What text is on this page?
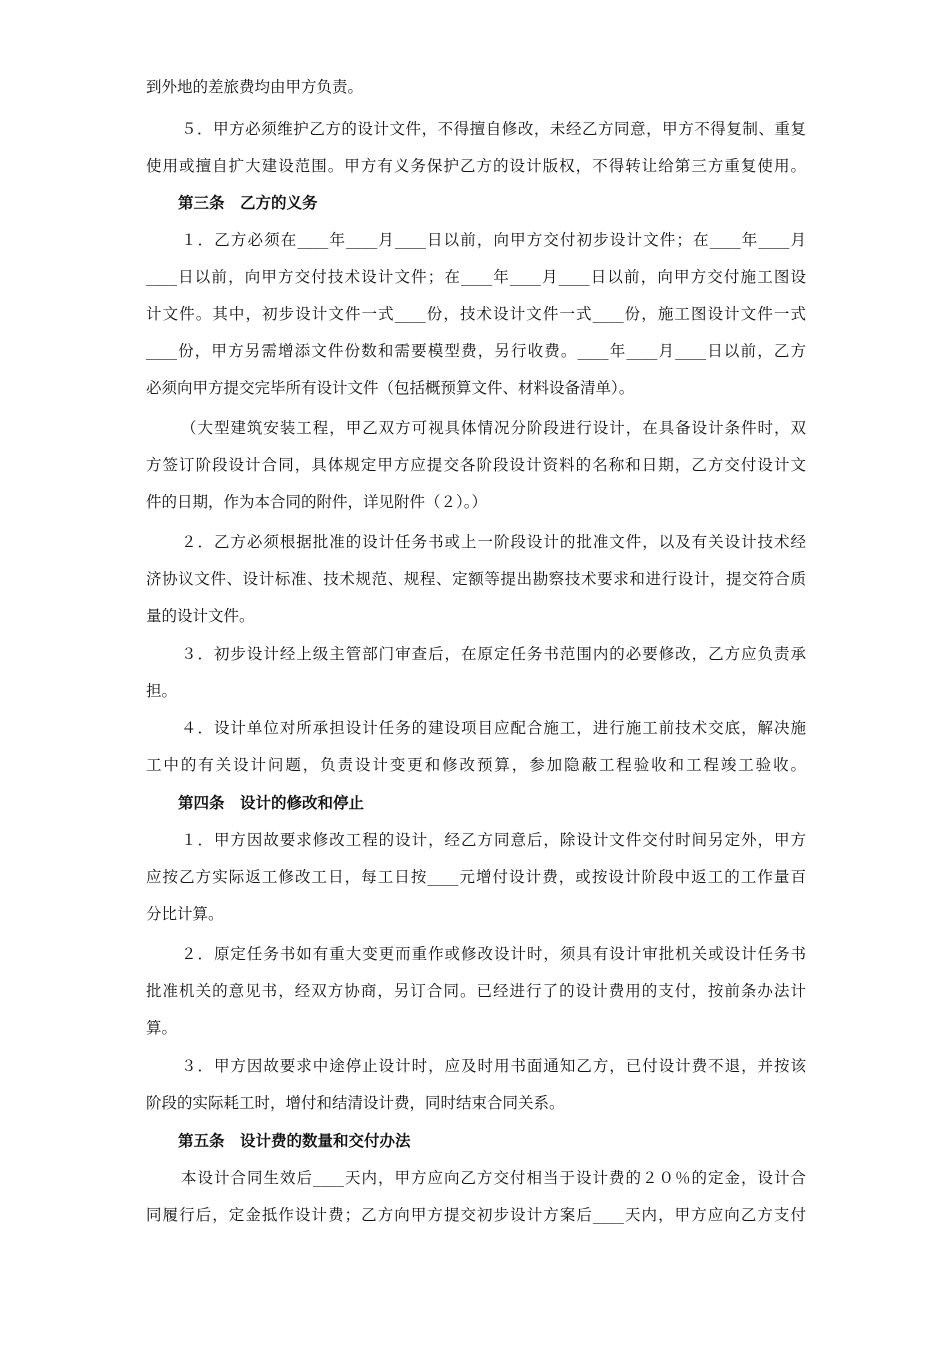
到外地的差旅费均由甲方负责。
５．甲方必须维护乙方的设计文件，不得擅自修改，未经乙方同意，甲方不得复制、重复
使用或擅自扩大建设范围。甲方有义务保护乙方的设计版权，不得转让给第三方重复使用。
第三条　乙方的义务
１．乙方必须在____年____月____日以前，向甲方交付初步设计文件；在____年____月
____日以前，向甲方交付技术设计文件；在____年____月____日以前，向甲方交付施工图设
计文件。其中，初步设计文件一式____份，技术设计文件一式____份，施工图设计文件一式
____份，甲方另需增添文件份数和需要模型费，另行收费。____年____月____日以前，乙方
必须向甲方提交完毕所有设计文件（包括概预算文件、材料设备清单）。
（大型建筑安装工程，甲乙双方可视具体情况分阶段进行设计，在具备设计条件时，双
方签订阶段设计合同，具体规定甲方应提交各阶段设计资料的名称和日期，乙方交付设计文
件的日期，作为本合同的附件，详见附件（２）。）
２．乙方必须根据批准的设计任务书或上一阶段设计的批准文件，以及有关设计技术经
济协议文件、设计标准、技术规范、规程、定额等提出勘察技术要求和进行设计，提交符合质
量的设计文件。
３．初步设计经上级主管部门审查后，在原定任务书范围内的必要修改，乙方应负责承
担。
４．设计单位对所承担设计任务的建设项目应配合施工，进行施工前技术交底，解决施
工中的有关设计问题，负责设计变更和修改预算，参加隐蔽工程验收和工程竣工验收。
第四条　设计的修改和停止
１．甲方因故要求修改工程的设计，经乙方同意后，除设计文件交付时间另定外，甲方
应按乙方实际返工修改工日，每工日按____元增付设计费，或按设计阶段中返工的工作量百
分比计算。
２．原定任务书如有重大变更而重作或修改设计时，须具有设计审批机关或设计任务书
批准机关的意见书，经双方协商，另订合同。已经进行了的设计费用的支付，按前条办法计
算。
３．甲方因故要求中途停止设计时，应及时用书面通知乙方，已付设计费不退，并按该
阶段的实际耗工时，增付和结清设计费，同时结束合同关系。
第五条　设计费的数量和交付办法
本设计合同生效后____天内，甲方应向乙方交付相当于设计费的２０％的定金，设计合
同履行后，定金抵作设计费；乙方向甲方提交初步设计方案后____天内，甲方应向乙方支付
